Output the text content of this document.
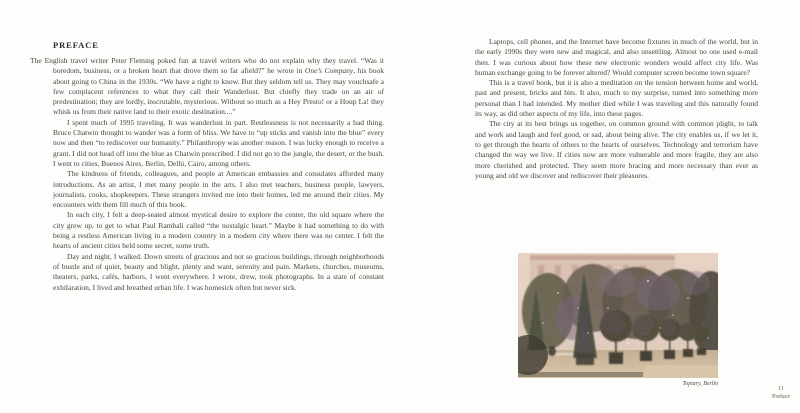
PREFACE

The English travel writer Peter Fleming poked fun at travel writers who do not explain why they travel. “Was it boredom, business, or a broken heart that drove them so far afield?” he wrote in One’s Company, his book about going to China in the 1930s. “We have a right to know. But they seldom tell us. They may vouchsafe a few complacent references to what they call their Wanderlust. But chiefly they trade on an air of predestination; they are lordly, inscrutable, mysterious. Without so much as a Hey Presto! or a Houp La! they whisk us from their native land to their exotic destination....”

I spent much of 1995 traveling. It was wanderlust in part. Restlessness is not necessarily a bad thing. Bruce Chatwin thought to wander was a form of bliss. We have to “up sticks and vanish into the blue” every now and then “to rediscover our humanity.” Philanthropy was another reason. I was lucky enough to receive a grant. I did not head off into the blue as Chatwin prescribed. I did not go to the jungle, the desert, or the bush. I went to cities, Buenos Aires, Berlin, Delhi, Cairo, among others.

The kindness of friends, colleagues, and people at American embassies and consulates afforded many introductions. As an artist, I met many people in the arts. I also met teachers, business people, lawyers, journalists, cooks, shopkeepers. These strangers invited me into their homes, led me around their cities. My encounters with them fill much of this book.

In each city, I felt a deep-seated almost mystical desire to explore the center, the old square where the city grew up, to get to what Paul Rambali called “the nostalgic heart.” Maybe it had something to do with being a restless American living in a modern country in a modern city where there was no center. I felt the hearts of ancient cities held some secret, some truth.

Day and night, I walked. Down streets of gracious and not so gracious buildings, through neighborhoods of bustle and of quiet, beauty and blight, plenty and want, serenity and pain. Markets, churches, museums, theaters, parks, cafés, harbors, I went everywhere. I wrote, drew, took photographs. In a state of constant exhilaration, I lived and breathed urban life. I was homesick often but never sick.

Laptops, cell phones, and the Internet have become fixtures in much of the world, but in the early 1990s they were new and magical, and also unsettling. Almost no one used e-mail then. I was curious about how these new electronic wonders would affect city life. Was human exchange going to be forever altered? Would computer screen become town square?

This is a travel book, but it is also a meditation on the tension between home and world, past and present, bricks and bits. It also, much to my surprise, turned into something more personal than I had intended. My mother died while I was traveling and this naturally found its way, as did other aspects of my life, into these pages.

The city at its best brings us together, on common ground with common plight, to talk and work and laugh and feel good, or sad, about being alive. The city enables us, if we let it, to get through the hearts of others to the hearts of ourselves. Technology and terrorism have changed the way we live. If cities now are more vulnerable and more fragile, they are also more cherished and protected. They seem more bracing and more necessary than ever as young and old we discover and rediscover their pleasures.

Topiary, Berlin
11
Preface
